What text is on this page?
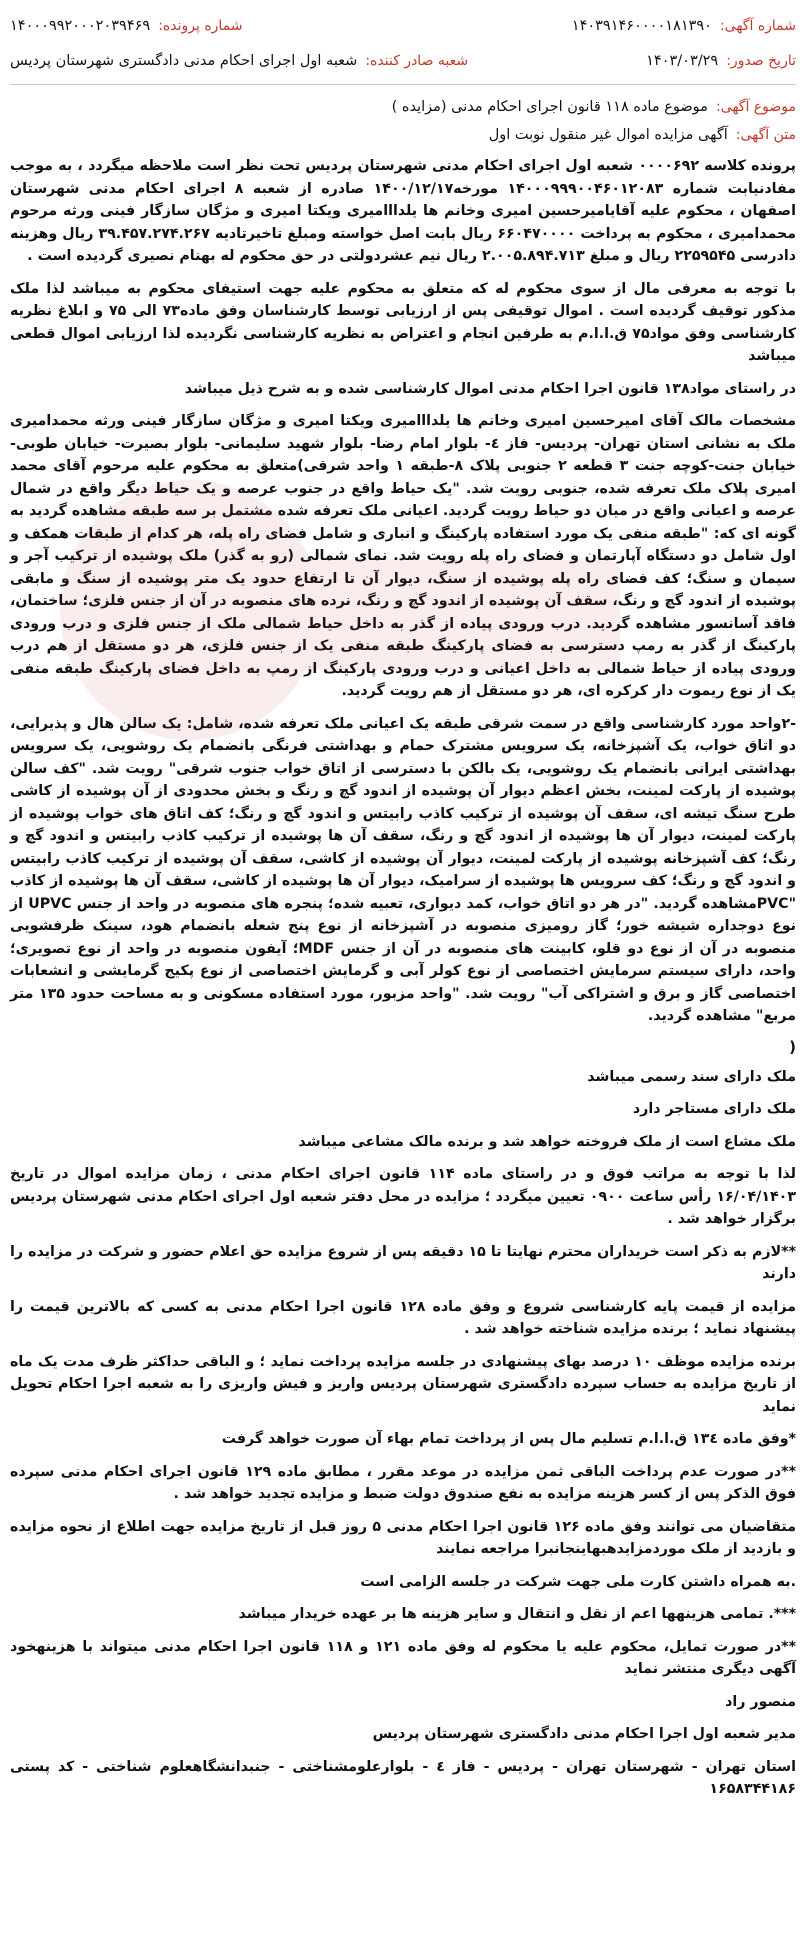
شماره آگهی:
۱۴۰۳۹۱۴۶۰۰۰۰۱۸۱۳۹۰
شماره پرونده:
۱۴۰۰۰۹۹۲۰۰۰۲۰۳۹۴۶۹
تاریخ صدور:
۱۴۰۳/۰۳/۲۹
شعبه صادر کننده:
شعبه اول اجرای احکام مدنی دادگستری شهرستان پردیس
موضوع آگهی:
موضوع ماده ۱۱۸ قانون اجرای احکام مدنی (مزایده )
متن آگهی:
آگهی مزایده اموال غیر منقول نوبت اول

پرونده کلاسه ۰۰۰۰۶۹۲ شعبه اول اجرای احکام مدنی شهرستان پردیس تحت نظر است ملاحظه میگردد ، به موجب مفادنیابت شماره ۱۴۰۰۰۹۹۹۰۰۴۶۰۱۲۰۸۳ مورخه۱۴۰۰/۱۲/۱۷ صادره از شعبه ۸ اجرای احکام مدنی شهرستان اصفهان ، محکوم علیه آقایامیرحسین امیری وخانم ها یلدااامیری ویکتا امیری و مژگان سازگار فینی ورثه مرحوم محمدامیری ، محکوم به پرداخت ۶۶۰۴۷۰۰۰۰ ریال بابت اصل خواسته ومبلغ تاخیرتادیه ۳۹.۴۵۷.۲۷۴.۲۶۷ ریال وهزینه دادرسی ۲۲۵۹۵۴۵ ریال و مبلغ ۲.۰۰۵.۸۹۴.۷۱۳ ریال نیم عشردولتی در حق محکوم له بهنام نصیری گردیده است .

با توجه به معرفی مال از سوی محکوم له که متعلق به محکوم علیه جهت استیفای محکوم به میباشد لذا ملک مذکور توقیف گردیده است . اموال توقیفی پس از ارزیابی توسط کارشناسان وفق ماده۷۳ الی ۷۵ و ابلاغ نظریه کارشناسی وفق مواد۷۵ ق.ا.ا.م به طرفین انجام و اعتراض به نظریه کارشناسی نگردیده لذا ارزیابی اموال قطعی میباشد

در راستای مواد۱۳۸ قانون اجرا احکام مدنی اموال کارشناسی شده و به شرح ذیل میباشد

مشخصات مالک آقای امیرحسین امیری وخانم ها یلدااامیری ویکتا امیری و مژگان سازگار فینی ورثه محمدامیری ملک به نشانی استان تهران- پردیس- فاز ٤- بلوار امام رضا- بلوار شهید سلیمانی- بلوار بصیرت- خیابان طوبی- خیابان جنت-کوچه جنت ۳ قطعه ۲ جنوبی پلاک ۸-طبقه ۱ واحد شرقی)متعلق به محکوم علیه مرحوم آقای محمد امیری پلاک ملک تعرفه شده، جنوبی رویت شد. "یک حیاط واقع در جنوب عرصه و یک حیاط دیگر واقع در شمال عرصه و اعیانی واقع در میان دو حیاط رویت گردید. اعیانی ملک تعرفه شده مشتمل بر سه طبقه مشاهده گردید به گونه ای که: "طبقه منفی یک مورد استفاده پارکینگ و انباری و شامل فضای راه پله، هر کدام از طبقات همکف و اول شامل دو دستگاه آپارتمان و فضای راه پله رویت شد. نمای شمالی (رو به گذر) ملک پوشیده از ترکیب آجر و سیمان و سنگ؛ کف فضای راه پله پوشیده از سنگ، دیوار آن تا ارتفاع حدود یک متر پوشیده از سنگ و مابقی پوشیده از اندود گچ و رنگ، سقف آن پوشیده از اندود گچ و رنگ، نرده های منصوبه در آن از جنس فلزی؛ ساختمان، فاقد آسانسور مشاهده گردید. درب ورودی پیاده از گذر به داخل حیاط شمالی ملک از جنس فلزی و درب ورودی پارکینگ از گذر به رمپ دسترسی به فضای پارکینگ طبقه منفی یک از جنس فلزی، هر دو مستقل از هم درب ورودی پیاده از حیاط شمالی به داخل اعیانی و درب ورودی پارکینگ از رمپ به داخل فضای پارکینگ طبقه منفی یک از نوع ریموت دار کرکره ای، هر دو مستقل از هم رویت گردید.

-۲واحد مورد کارشناسی واقع در سمت شرقی طبقه یک اعیانی ملک تعرفه شده، شامل: یک سالن هال و پذیرایی، دو اتاق خواب، یک آشپزخانه، یک سرویس مشترک حمام و بهداشتی فرنگی بانضمام یک روشویی، یک سرویس بهداشتی ایرانی بانضمام یک روشویی، یک بالکن با دسترسی از اتاق خواب جنوب شرقی" رویت شد. "کف سالن پوشیده از پارکت لمینت، بخش اعظم دیوار آن پوشیده از اندود گچ و رنگ و بخش محدودی از آن پوشیده از کاشی طرح سنگ تیشه ای، سقف آن پوشیده از ترکیب کاذب رابیتس و اندود گچ و رنگ؛ کف اتاق های خواب پوشیده از پارکت لمینت، دیوار آن ها پوشیده از اندود گچ و رنگ، سقف آن ها پوشیده از ترکیب کاذب رابیتس و اندود گچ و رنگ؛ کف آشپزخانه پوشیده از پارکت لمینت، دیوار آن پوشیده از کاشی، سقف آن پوشیده از ترکیب کاذب رابیتس و اندود گچ و رنگ؛ کف سرویس ها پوشیده از سرامیک، دیوار آن ها پوشیده از کاشی، سقف آن ها پوشیده از کاذب "PVCمشاهده گردید. "در هر دو اتاق خواب، کمد دیواری، تعبیه شده؛ پنجره های منصوبه در واحد از جنس UPVC از نوع دوجداره شیشه خور؛ گاز رومیزی منصوبه در آشپزخانه از نوع پنج شعله بانضمام هود، سینک ظرفشویی منصوبه در آن از نوع دو قلو، کابینت های منصوبه در آن از جنس MDF؛ آیفون منصوبه در واحد از نوع تصویری؛ واحد، دارای سیستم سرمایش اختصاصی از نوع کولر آبی و گرمایش اختصاصی از نوع پکیج گرمایشی و انشعابات اختصاصی گاز و برق و اشتراکی آب" رویت شد. "واحد مزبور، مورد استفاده مسکونی و به مساحت حدود ۱۳۵ متر مربع" مشاهده گردید.

(

ملک دارای سند رسمی میباشد

ملک دارای مستاجر دارد

ملک مشاع است از ملک فروخته خواهد شد و برنده مالک مشاعی میباشد

لذا با توجه به مراتب فوق و در راستای ماده ۱۱۴ قانون اجرای احکام مدنی ، زمان مزایده اموال در تاریخ ۱۶/۰۴/۱۴۰۳ رأس ساعت ۰۹۰۰ تعیین میگردد ؛ مزایده در محل دفتر شعبه اول اجرای احکام مدنی شهرستان پردیس برگزار خواهد شد .

**لازم به ذکر است خریداران محترم نهایتا تا ۱۵ دقیقه پس از شروع مزایده حق اعلام حضور و شرکت در مزایده را دارند

مزایده از قیمت پایه کارشناسی شروع و وفق ماده ۱۲۸ قانون اجرا احکام مدنی به کسی که بالاترین قیمت را پیشنهاد نماید ؛ برنده مزایده شناخته خواهد شد .

برنده مزایده موظف ۱۰ درصد بهای پیشنهادی در جلسه مزایده پرداخت نماید ؛ و الباقی حداکثر ظرف مدت یک ماه از تاریخ مزایده به حساب سپرده دادگستری شهرستان پردیس واریز و فیش واریزی را به شعبه اجرا احکام تحویل نماید

*وفق ماده ۱۳٤ ق.ا.ا.م تسلیم مال پس از پرداخت تمام بهاء آن صورت خواهد گرفت

**در صورت عدم پرداخت الباقی ثمن مزایده در موعد مقرر ، مطابق ماده ۱۲۹ قانون اجرای احکام مدنی سپرده فوق الذکر پس از کسر هزینه مزایده به نفع صندوق دولت ضبط و مزایده تجدید خواهد شد .

متقاضیان می توانند وفق ماده ۱۲۶ قانون اجرا احکام مدنی ۵ روز قبل از تاریخ مزایده جهت اطلاع از نحوه مزایده و بازدید از ملک موردمزایدهبهاینجانبرا مراجعه نمایند

.به همراه داشتن کارت ملی جهت شرکت در جلسه الزامی است

***. تمامی هزینهها اعم از نقل و انتقال و سایر هزینه ها بر عهده خریدار میباشد

**در صورت تمایل، محکوم علیه یا محکوم له وفق ماده ۱۲۱ و ۱۱۸ قانون اجرا احکام مدنی میتواند با هزینهخود آگهی دیگری منتشر نماید

منصور راد

مدیر شعبه اول اجرا احکام مدنی دادگستری شهرستان پردیس

استان تهران - شهرستان تهران - پردیس - فاز ٤ - بلوارعلومشناختی - جنبدانشگاهعلوم شناختی - کد پستی ۱۶۵۸۳۴۴۱۸۶
